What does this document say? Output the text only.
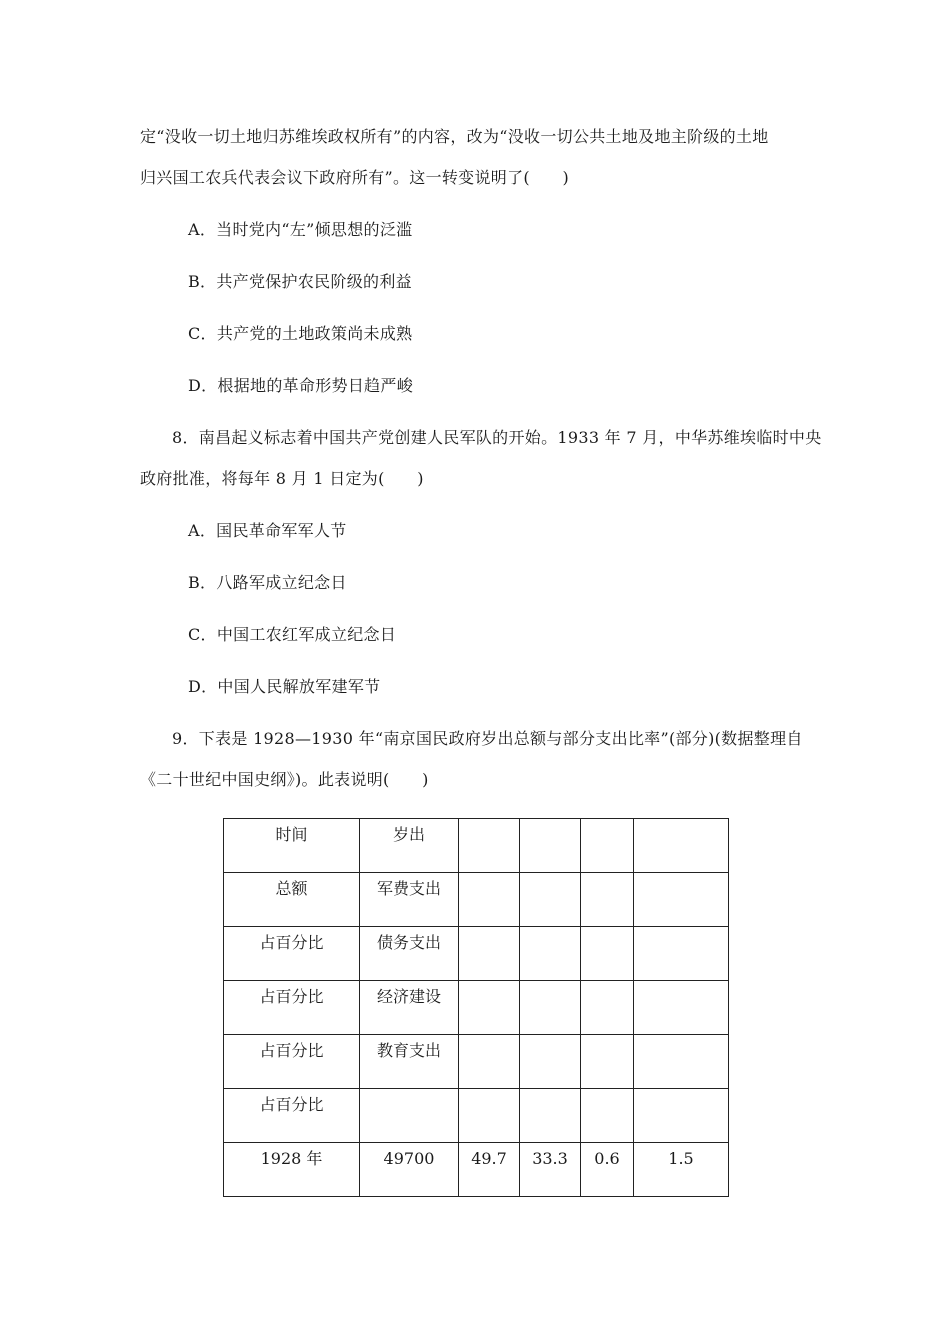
定“没收一切土地归苏维埃政权所有”的内容，改为“没收一切公共土地及地主阶级的土地
归兴国工农兵代表会议下政府所有”。这一转变说明了(　　)
A．当时党内“左”倾思想的泛滥
B．共产党保护农民阶级的利益
C．共产党的土地政策尚未成熟
D．根据地的革命形势日趋严峻
8．南昌起义标志着中国共产党创建人民军队的开始。1933 年 7 月，中华苏维埃临时中央
政府批准，将每年 8 月 1 日定为(　　)
A．国民革命军军人节
B．八路军成立纪念日
C．中国工农红军成立纪念日
D．中国人民解放军建军节
9．下表是 1928—1930 年“南京国民政府岁出总额与部分支出比率”(部分)(数据整理自
《二十世纪中国史纲》)。此表说明(　　)
时间	岁出				

总额	军费支出				

占百分比	债务支出				

占百分比	经济建设				

占百分比	教育支出				

占百分比					

1928 年	49700	49.7	33.3	0.6	1.5
